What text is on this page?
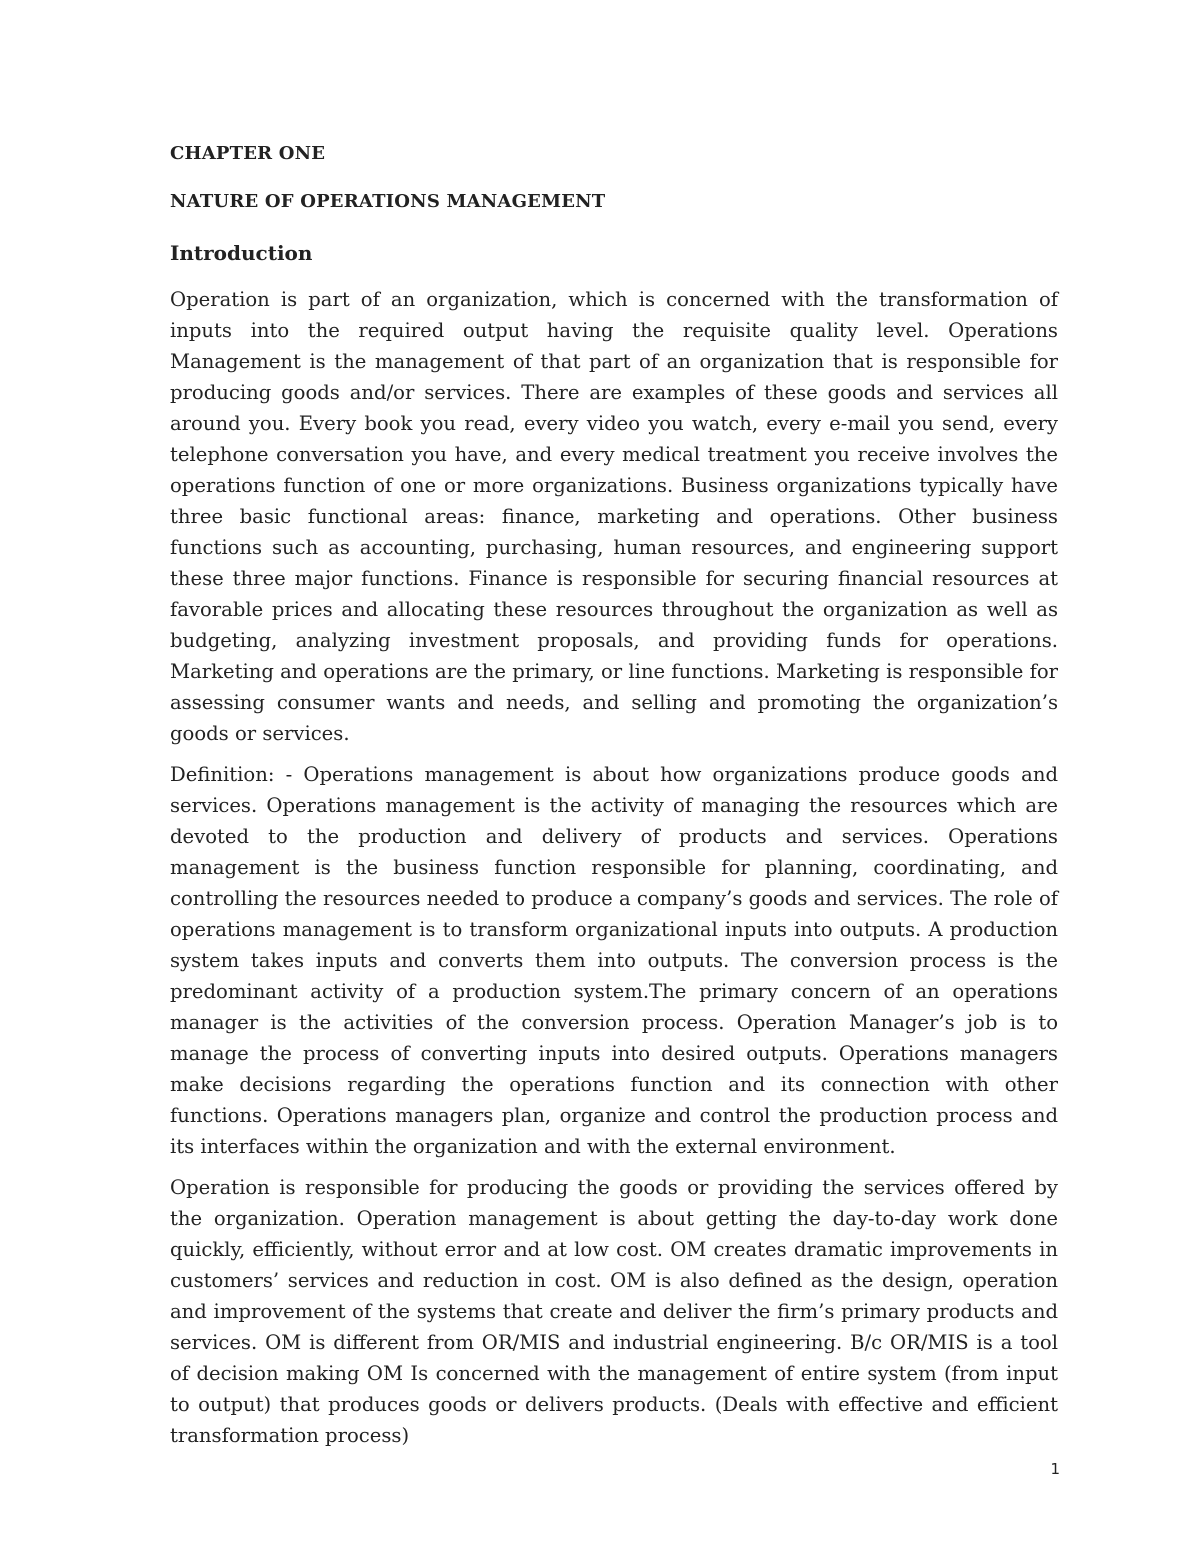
CHAPTER ONE

NATURE OF OPERATIONS MANAGEMENT

Introduction

Operation is part of an organization, which is concerned with the transformation of inputs into the required output having the requisite quality level. Operations Management is the management of that part of an organization that is responsible for producing goods and/or services. There are examples of these goods and services all around you. Every book you read, every video you watch, every e-mail you send, every telephone conversation you have, and every medical treatment you receive involves the operations function of one or more organizations. Business organizations typically have three basic functional areas: finance, marketing and operations. Other business functions such as accounting, purchasing, human resources, and engineering support these three major functions. Finance is responsible for securing financial resources at favorable prices and allocating these resources throughout the organization as well as budgeting, analyzing investment proposals, and providing funds for operations. Marketing and operations are the primary, or line functions. Marketing is responsible for assessing consumer wants and needs, and selling and promoting the organization’s goods or services.

Definition: - Operations management is about how organizations produce goods and services. Operations management is the activity of managing the resources which are devoted to the production and delivery of products and services. Operations management is the business function responsible for planning, coordinating, and controlling the resources needed to produce a company’s goods and services. The role of operations management is to transform organizational inputs into outputs. A production system takes inputs and converts them into outputs. The conversion process is the predominant activity of a production system.The primary concern of an operations manager is the activities of the conversion process. Operation Manager’s job is to manage the process of converting inputs into desired outputs. Operations managers make decisions regarding the operations function and its connection with other functions. Operations managers plan, organize and control the production process and its interfaces within the organization and with the external environment.

Operation is responsible for producing the goods or providing the services offered by the organization. Operation management is about getting the day-to-day work done quickly, efficiently, without error and at low cost. OM creates dramatic improvements in customers’ services and reduction in cost. OM is also defined as the design, operation and improvement of the systems that create and deliver the firm’s primary products and services. OM is different from OR/MIS and industrial engineering. B/c OR/MIS is a tool of decision making OM Is concerned with the management of entire system (from input to output) that produces goods or delivers products. (Deals with effective and efficient transformation process)

1
